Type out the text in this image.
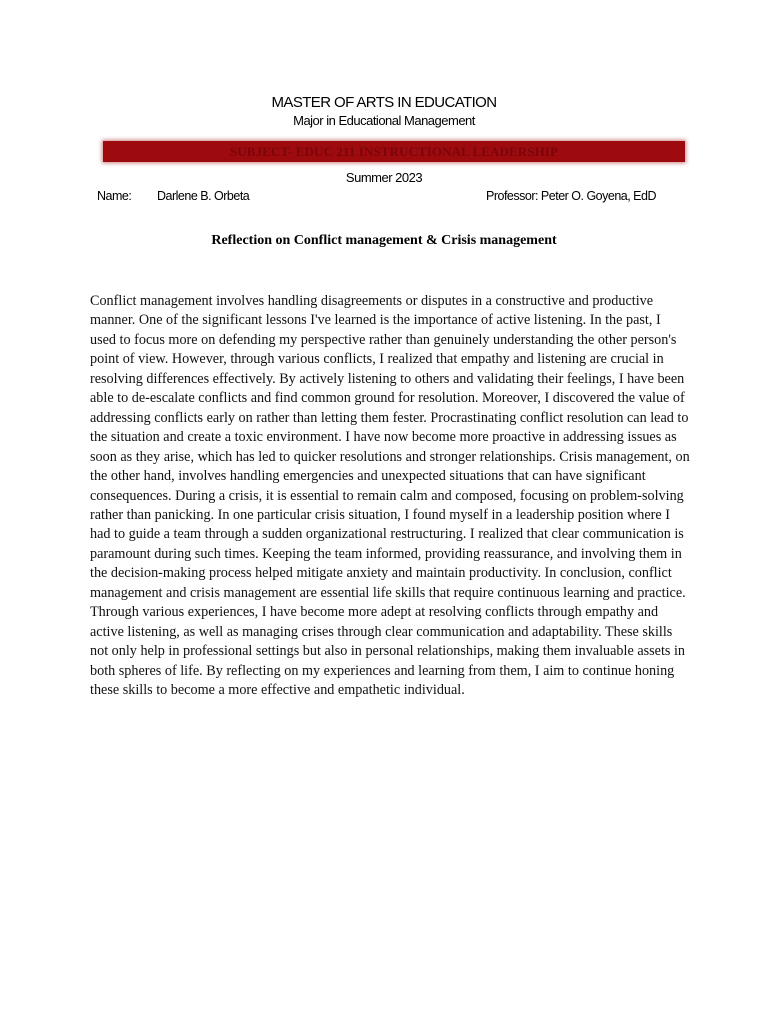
MASTER OF ARTS IN EDUCATION
Major in Educational Management
SUBJECT- EDUC 211 INSTRUCTIONAL LEADERSHIP
Summer 2023
Name: Darlene B. Orbeta	Professor: Peter O. Goyena, EdD
Reflection on Conflict management & Crisis management

Conflict management involves handling disagreements or disputes in a constructive and productive manner. One of the significant lessons I've learned is the importance of active listening. In the past, I used to focus more on defending my perspective rather than genuinely understanding the other person's point of view. However, through various conflicts, I realized that empathy and listening are crucial in resolving differences effectively. By actively listening to others and validating their feelings, I have been able to de-escalate conflicts and find common ground for resolution. Moreover, I discovered the value of addressing conflicts early on rather than letting them fester. Procrastinating conflict resolution can lead to the situation and create a toxic environment. I have now become more proactive in addressing issues as soon as they arise, which has led to quicker resolutions and stronger relationships. Crisis management, on the other hand, involves handling emergencies and unexpected situations that can have significant consequences. During a crisis, it is essential to remain calm and composed, focusing on problem-solving rather than panicking. In one particular crisis situation, I found myself in a leadership position where I had to guide a team through a sudden organizational restructuring. I realized that clear communication is paramount during such times. Keeping the team informed, providing reassurance, and involving them in the decision-making process helped mitigate anxiety and maintain productivity. In conclusion, conflict management and crisis management are essential life skills that require continuous learning and practice. Through various experiences, I have become more adept at resolving conflicts through empathy and active listening, as well as managing crises through clear communication and adaptability. These skills not only help in professional settings but also in personal relationships, making them invaluable assets in both spheres of life. By reflecting on my experiences and learning from them, I aim to continue honing these skills to become a more effective and empathetic individual.
